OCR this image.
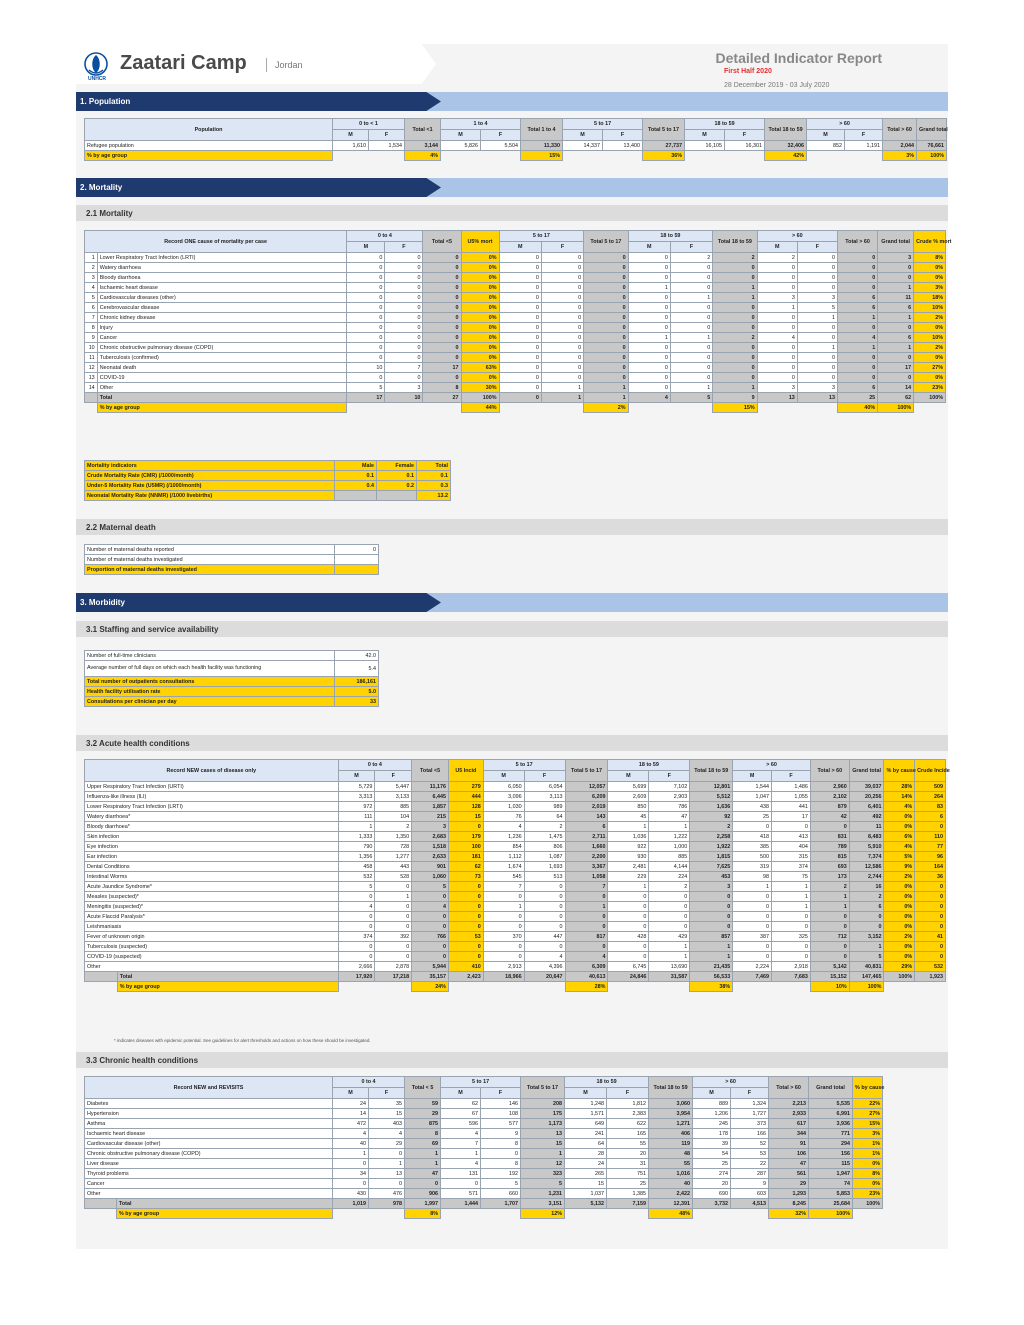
UNHCR
Zaatari Camp	Jordan	Detailed Indicator Report
First Half 2020
28 December 2019 - 03 July 2020
1. Population
2. Mortality
2.1 Mortality
2.2 Maternal death
3. Morbidity
3.1 Staffing and service availability
3.2 Acute health conditions
3.3 Chronic health conditions
Population	0 to < 1		Total <1	1 to 4		Total 1 to 4	5 to 17		Total 5 to 17	18 to 59		Total 18 to 59	> 60		Total > 60	Grand total
	M	F		M	F		M	F		M	F		M	F		
Refugee population	1,610	1,534	3,144	5,826	5,504	11,330	14,337	13,400	27,737	16,105	16,301	32,406	852	1,191	2,044	76,661
% by age group			4%			15%			36%			42%			3%	100%
Record ONE cause of mortality per case		0 to 4		Total <5	U5% mort	5 to 17		Total 5 to 17	18 to 59		Total 18 to 59	> 60		Total > 60	Grand total	Crude % mort
		M	F			M	F		M	F		M	F			
1	Lower Respiratory Tract Infection (LRTI)	0	0	0	0%	0	0	0	0	2	2	2	0	0	3	8%
2	Watery diarrhoea	0	0	0	0%	0	0	0	0	0	0	0	0	0	0	0%
3	Bloody diarrhoea	0	0	0	0%	0	0	0	0	0	0	0	0	0	0	0%
4	Ischaemic heart disease	0	0	0	0%	0	0	0	1	0	1	0	0	0	1	3%
5	Cardiovascular diseases (other)	0	0	0	0%	0	0	0	0	1	1	3	3	6	11	18%
6	Cerebrovascular disease	0	0	0	0%	0	0	0	0	0	0	1	5	6	6	10%
7	Chronic kidney disease	0	0	0	0%	0	0	0	0	0	0	0	1	1	1	2%
8	Injury	0	0	0	0%	0	0	0	0	0	0	0	0	0	0	0%
9	Cancer	0	0	0	0%	0	0	0	1	1	2	4	0	4	6	10%
10	Chronic obstructive pulmonary disease (COPD)	0	0	0	0%	0	0	0	0	0	0	0	1	1	1	2%
11	Tuberculosis (confirmed)	0	0	0	0%	0	0	0	0	0	0	0	0	0	0	0%
12	Neonatal death	10	7	17	63%	0	0	0	0	0	0	0	0	0	17	27%
13	COVID-19	0	0	0	0%	0	0	0	0	0	0	0	0	0	0	0%
14	Other	5	3	8	30%	0	1	1	0	1	1	3	3	6	14	23%
	Total	17	10	27	100%	0	1	1	4	5	9	13	13	25	62	100%
	% by age group				44%			2%			15%			40%	100%	
Mortality indicators	Male	Female	Total
Crude Mortality Rate (CMR) (/1000/month)	0.1	0.1	0.1
Under-5 Mortality Rate (U5MR) (/1000/month)	0.4	0.2	0.3
Neonatal Mortality Rate (NNMR) (/1000 livebirths)			13.2
Number of maternal deaths reported	0
Number of maternal deaths investigated	
Proportion of maternal deaths investigated	
Number of full-time clinicians	42.0
Average number of full days on which each health facility was functioning	5.4
Total number of outpatients consultations	186,161
Health facility utilisation rate	5.0
Consultations per clinician per day	33
Record NEW cases of disease only		0 to 4		Total <5	U5 Incid	5 to 17		Total 5 to 17	18 to 59		Total 18 to 59	> 60		Total > 60	Grand total	% by cause	Crude Incide
		M	F			M	F		M	F		M	F				
Upper Respiratory Tract Infection (URTI)		5,729	5,447	11,176	279	6,050	6,054	12,057	5,699	7,102	12,801	1,544	1,486	2,960	39,037	28%	509
Influenza-like illness (ILI)		3,313	3,133	6,445	444	3,096	3,113	6,209	2,609	2,903	5,512	1,047	1,055	2,102	20,256	14%	264
Lower Respiratory Tract Infection (LRTI)		972	885	1,857	128	1,030	989	2,019	850	786	1,636	438	441	879	6,401	4%	83
Watery diarrhoea*		111	104	215	15	76	64	143	45	47	92	25	17	42	492	0%	6
Bloody diarrhoea*		1	2	3	0	4	2	6	1	1	2	0	0	0	11	0%	0
Skin infection		1,333	1,350	2,683	179	1,236	1,475	2,711	1,036	1,222	2,258	418	413	831	8,483	6%	110
Eye infection		790	728	1,518	100	854	806	1,660	922	1,000	1,922	385	404	789	5,910	4%	77
Ear infection		1,356	1,277	2,633	181	1,112	1,087	2,200	930	885	1,815	500	315	815	7,374	5%	96
Dental Conditions		458	443	901	62	1,674	1,693	3,367	2,481	4,144	7,625	319	374	693	12,586	9%	164
Intestinal Worms		532	528	1,060	73	545	513	1,058	229	224	453	98	75	173	2,744	2%	36
Acute Jaundice Syndrome*		5	0	5	0	7	0	7	1	2	3	1	1	2	16	0%	0
Measles (suspected)*		0	1	0	0	0	0	0	0	0	0	0	1	1	2	0%	0
Meningitis (suspected)*		4	0	4	0	1	0	1	0	0	0	0	1	1	6	0%	0
Acute Flaccid Paralysis*		0	0	0	0	0	0	0	0	0	0	0	0	0	0	0%	0
Leishmaniasis		0	0	0	0	0	0	0	0	0	0	0	0	0	0	0%	0
Fever of unknown origin		374	392	766	53	370	447	817	428	429	857	387	325	712	3,152	2%	41
Tuberculosis (suspected)		0	0	0	0	0	0	0	0	1	1	0	0	0	1	0%	0
COVID-19 (suspected)		0	0	0	0	0	4	4	0	1	1	0	0	0	5	0%	0
Other		2,666	2,878	5,944	410	2,913	4,396	6,309	6,745	13,690	21,435	2,224	2,918	5,142	40,831	29%	532
	Total	17,920	17,218	35,157	2,423	18,966	20,647	40,613	24,846	31,587	56,533	7,469	7,683	15,152	147,465	100%	1,923
	% by age group			24%				28%			38%			10%	100%		
* indicates diseases with epidemic potential. See guidelines for alert thresholds and actions on how these should be investigated.
Record NEW and REVISITS		0 to 4		Total < 5	5 to 17		Total 5 to 17	18 to 59		Total 18 to 59	> 60		Total > 60	Grand total	% by cause
		M	F		M	F		M	F		M	F			
Diabetes		24	35	59	62	146	208	1,248	1,812	3,060	889	1,324	2,213	5,535	22%
Hypertension		14	15	29	67	108	175	1,571	2,383	3,954	1,206	1,727	2,933	6,991	27%
Asthma		472	403	875	596	577	1,173	649	622	1,271	245	373	617	3,936	15%
Ischaemic heart disease		4	4	8	4	9	13	241	165	406	178	166	344	771	3%
Cardiovascular disease (other)		40	29	69	7	8	15	64	55	119	39	52	91	294	1%
Chronic obstructive pulmonary disease (COPD)		1	0	1	1	0	1	28	20	48	54	53	106	156	1%
Liver disease		0	1	1	4	8	12	24	31	55	25	22	47	115	0%
Thyroid problems		34	13	47	131	192	323	265	751	1,016	274	287	561	1,947	8%
Cancer		0	0	0	0	5	5	15	25	40	20	9	29	74	0%
Other		430	476	906	571	660	1,231	1,037	1,385	2,422	690	603	1,293	5,853	23%
	Total	1,019	978	1,997	1,444	1,707	3,151	5,132	7,159	12,391	3,732	4,513	8,245	25,684	100%
	% by age group			8%			12%			48%			32%	100%	
